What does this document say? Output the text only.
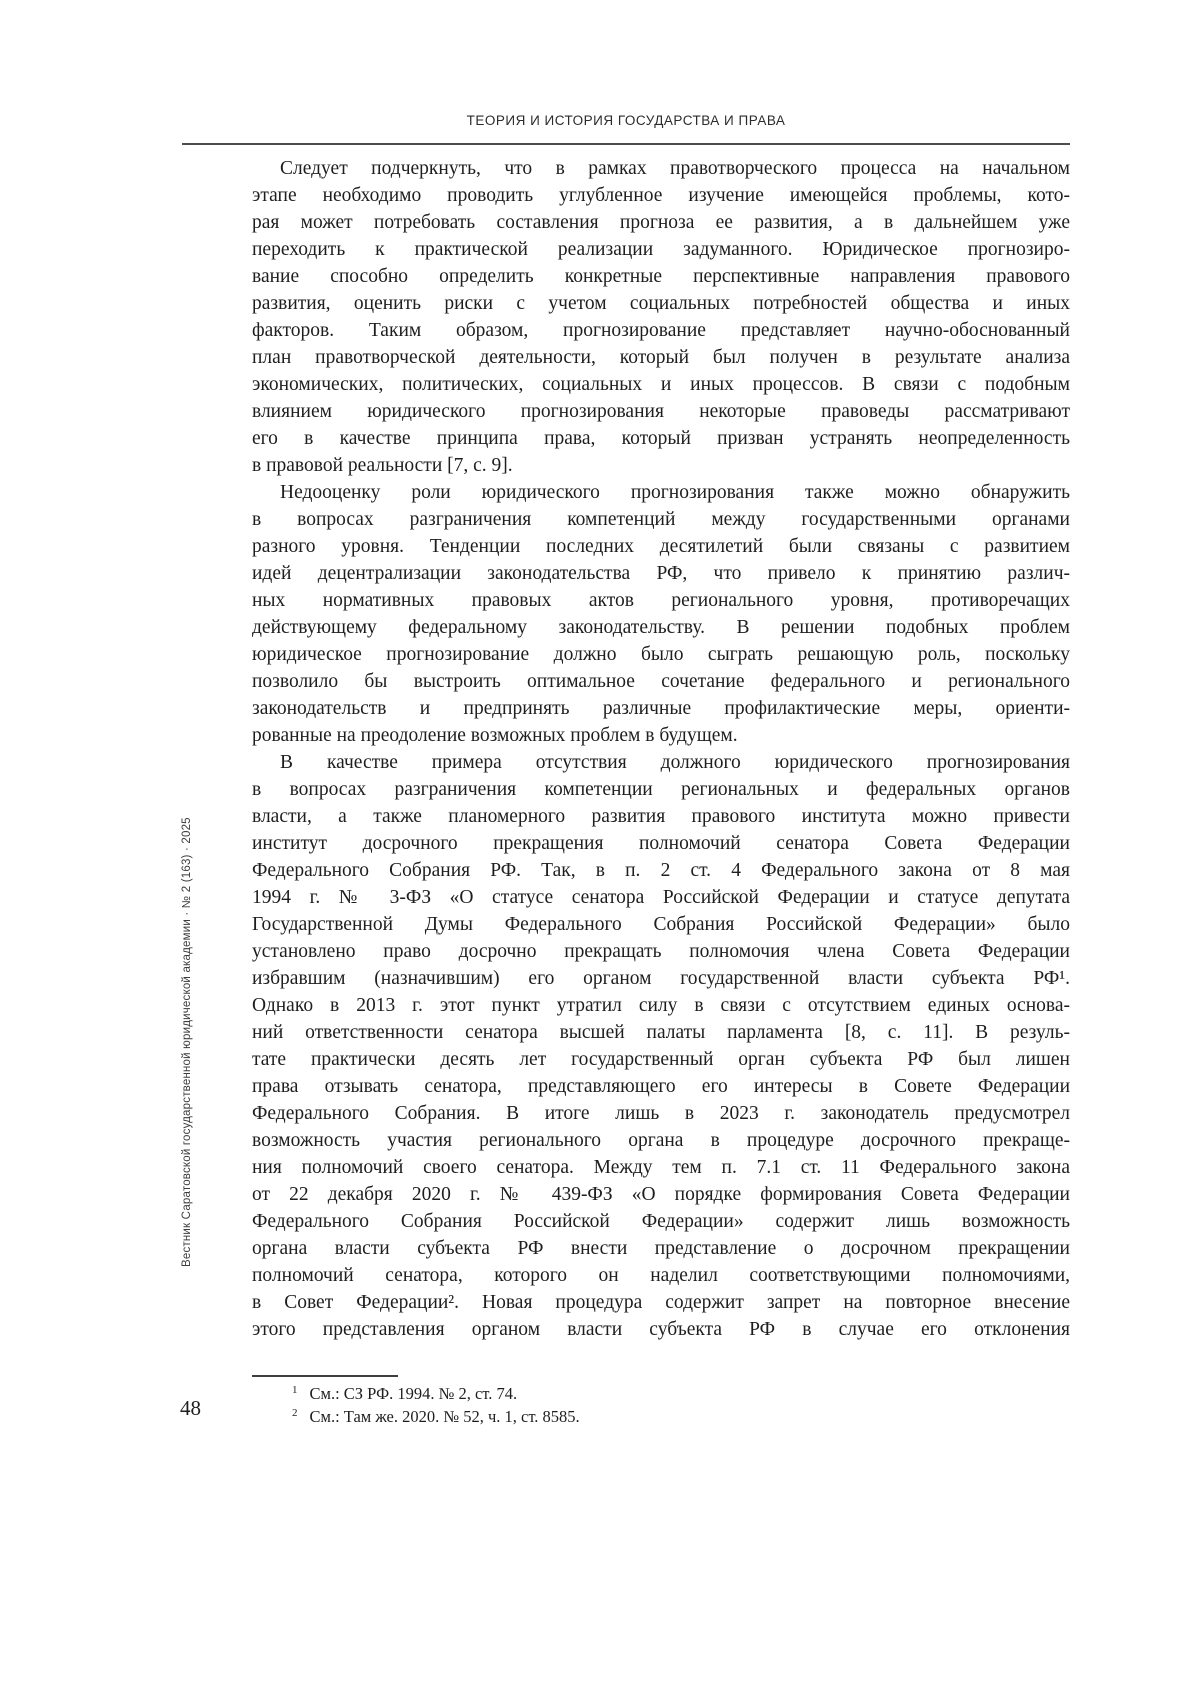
ТЕОРИЯ И ИСТОРИЯ ГОСУДАРСТВА И ПРАВА
Следует подчеркнуть, что в рамках правотворческого процесса на начальном
этапе необходимо проводить углубленное изучение имеющейся проблемы, кото-
рая может потребовать составления прогноза ее развития, а в дальнейшем уже
переходить к практической реализации задуманного. Юридическое прогнозиро-
вание способно определить конкретные перспективные направления правового
развития, оценить риски с учетом социальных потребностей общества и иных
факторов. Таким образом, прогнозирование представляет научно-обоснованный
план правотворческой деятельности, который был получен в результате анализа
экономических, политических, социальных и иных процессов. В связи с подобным
влиянием юридического прогнозирования некоторые правоведы рассматривают
его в качестве принципа права, который призван устранять неопределенность
в правовой реальности [7, с. 9].
Недооценку роли юридического прогнозирования также можно обнаружить
в вопросах разграничения компетенций между государственными органами
разного уровня. Тенденции последних десятилетий были связаны с развитием
идей децентрализации законодательства РФ, что привело к принятию различ-
ных нормативных правовых актов регионального уровня, противоречащих
действующему федеральному законодательству. В решении подобных проблем
юридическое прогнозирование должно было сыграть решающую роль, поскольку
позволило бы выстроить оптимальное сочетание федерального и регионального
законодательств и предпринять различные профилактические меры, ориенти-
рованные на преодоление возможных проблем в будущем.
В качестве примера отсутствия должного юридического прогнозирования
в вопросах разграничения компетенции региональных и федеральных органов
власти, а также планомерного развития правового института можно привести
институт досрочного прекращения полномочий сенатора Совета Федерации
Федерального Собрания РФ. Так, в п. 2 ст. 4 Федерального закона от 8 мая
1994 г. № 3-ФЗ «О статусе сенатора Российской Федерации и статусе депутата
Государственной Думы Федерального Собрания Российской Федерации» было
установлено право досрочно прекращать полномочия члена Совета Федерации
избравшим (назначившим) его органом государственной власти субъекта РФ¹.
Однако в 2013 г. этот пункт утратил силу в связи с отсутствием единых основа-
ний ответственности сенатора высшей палаты парламента [8, с. 11]. В резуль-
тате практически десять лет государственный орган субъекта РФ был лишен
права отзывать сенатора, представляющего его интересы в Совете Федерации
Федерального Собрания. В итоге лишь в 2023 г. законодатель предусмотрел
возможность участия регионального органа в процедуре досрочного прекраще-
ния полномочий своего сенатора. Между тем п. 7.1 ст. 11 Федерального закона
от 22 декабря 2020 г. № 439-ФЗ «О порядке формирования Совета Федерации
Федерального Собрания Российской Федерации» содержит лишь возможность
органа власти субъекта РФ внести представление о досрочном прекращении
полномочий сенатора, которого он наделил соответствующими полномочиями,
в Совет Федерации². Новая процедура содержит запрет на повторное внесение
этого представления органом власти субъекта РФ в случае его отклонения
$^1$ См.: СЗ РФ. 1994. № 2, ст. 74.
$^2$ См.: Там же. 2020. № 52, ч. 1, ст. 8585.
Вестник Саратовской государственной юридической академии · № 2 (163) · 2025
48
